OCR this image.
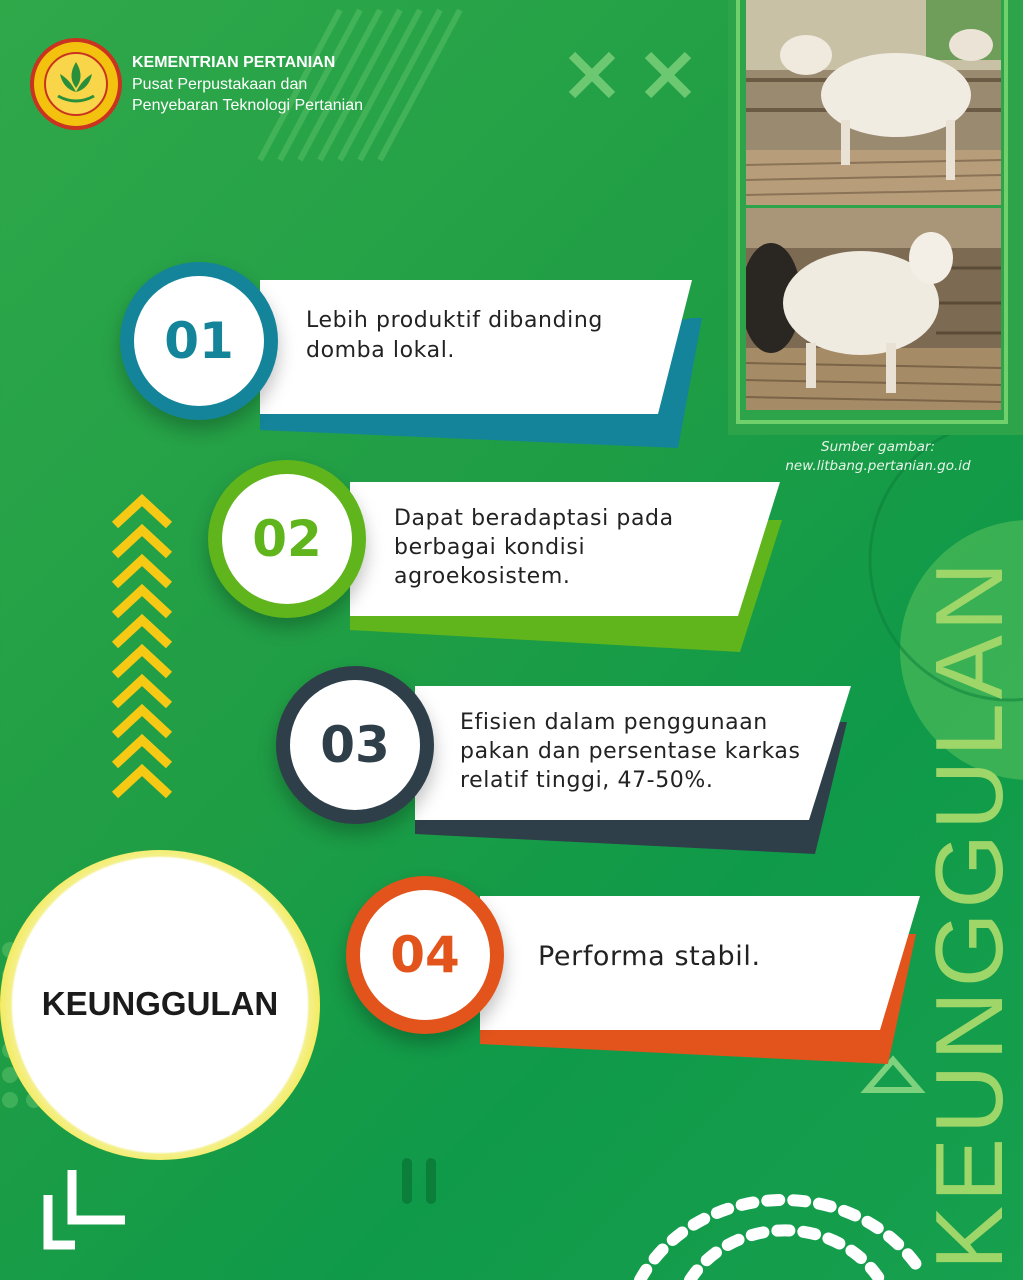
KEMENTRIAN PERTANIAN
Pusat Perpustakaan dan
Penyebaran Teknologi Pertanian
Sumber gambar:
new.litbang.pertanian.go.id
01	Lebih produktif dibanding
domba lokal.
02	Dapat beradaptasi pada
berbagai kondisi
agroekosistem.
03	Efisien dalam penggunaan
pakan dan persentase karkas
relatif tinggi, 47-50%.
04	Performa stabil.
KEUNGGULAN	KEUNGGULAN
